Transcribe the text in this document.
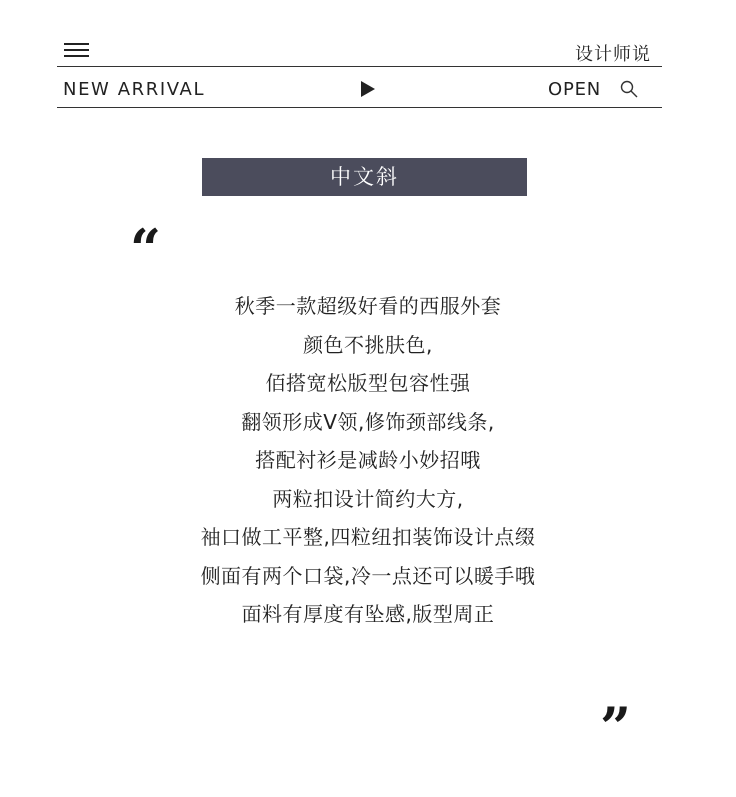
设计师说
NEW ARRIVAL	OPEN
中文斜
“
秋季一款超级好看的西服外套
颜色不挑肤色,
佰搭宽松版型包容性强
翻领形成V领,修饰颈部线条,
搭配衬衫是减龄小妙招哦
两粒扣设计简约大方,
袖口做工平整,四粒纽扣装饰设计点缀
侧面有两个口袋,冷一点还可以暖手哦
面料有厚度有坠感,版型周正
”
